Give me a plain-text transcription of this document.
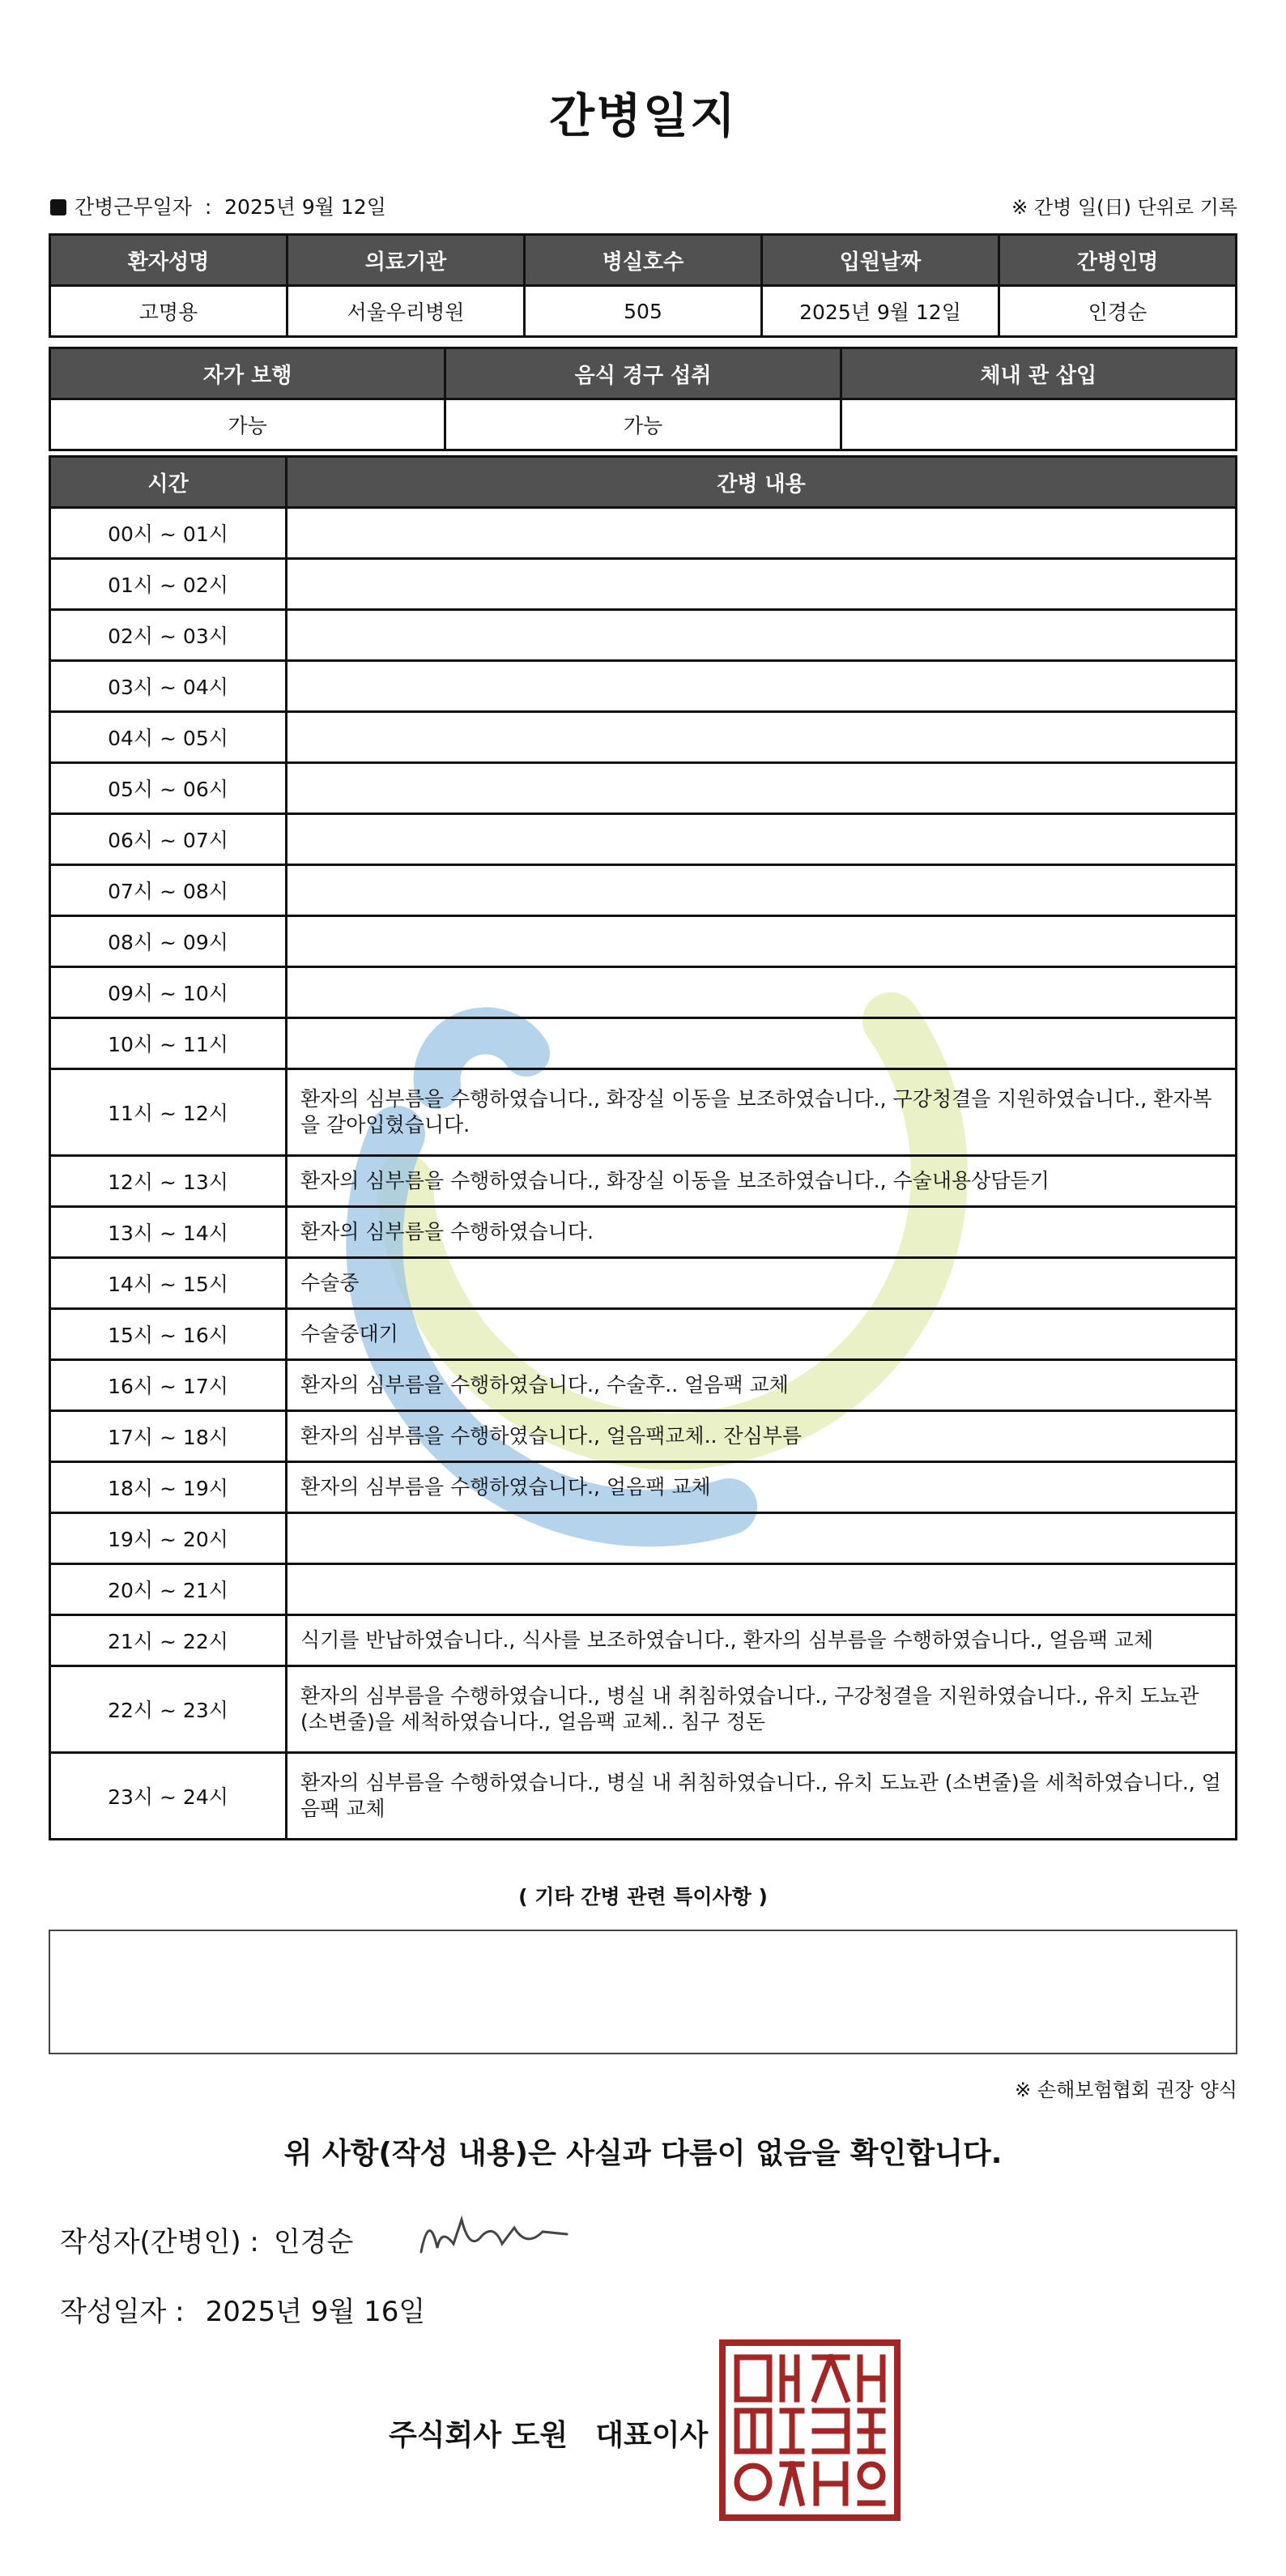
간병일지
간병근무일자 : 2025년 9월 12일	※ 간병 일(日) 단위로 기록
환자성명	의료기관	병실호수	입원날짜	간병인명
고명용	서울우리병원	505	2025년 9월 12일	인경순
자가 보행	음식 경구 섭취	체내 관 삽입
가능	가능	
시간	간병 내용
00시 ~ 01시	
01시 ~ 02시	
02시 ~ 03시	
03시 ~ 04시	
04시 ~ 05시	
05시 ~ 06시	
06시 ~ 07시	
07시 ~ 08시	
08시 ~ 09시	
09시 ~ 10시	
10시 ~ 11시	
11시 ~ 12시	환자의 심부름을 수행하였습니다., 화장실 이동을 보조하였습니다., 구강청결을 지원하였습니다., 환자복을 갈아입혔습니다.
12시 ~ 13시	환자의 심부름을 수행하였습니다., 화장실 이동을 보조하였습니다., 수술내용상담듣기
13시 ~ 14시	환자의 심부름을 수행하였습니다.
14시 ~ 15시	수술중
15시 ~ 16시	수술중대기
16시 ~ 17시	환자의 심부름을 수행하였습니다., 수술후.. 얼음팩 교체
17시 ~ 18시	환자의 심부름을 수행하였습니다., 얼음팩교체.. 잔심부름
18시 ~ 19시	환자의 심부름을 수행하였습니다., 얼음팩 교체
19시 ~ 20시	
20시 ~ 21시	
21시 ~ 22시	식기를 반납하였습니다., 식사를 보조하였습니다., 환자의 심부름을 수행하였습니다., 얼음팩 교체
22시 ~ 23시	환자의 심부름을 수행하였습니다., 병실 내 취침하였습니다., 구강청결을 지원하였습니다., 유치 도뇨관 (소변줄)을 세척하였습니다., 얼음팩 교체.. 침구 정돈
23시 ~ 24시	환자의 심부름을 수행하였습니다., 병실 내 취침하였습니다., 유치 도뇨관 (소변줄)을 세척하였습니다., 얼음팩 교체
( 기타 간병 관련 특이사항 )
※ 손해보험협회 권장 양식
위 사항(작성 내용)은 사실과 다름이 없음을 확인합니다.
작성자(간병인) : 인경순
작성일자 : 2025년 9월 16일
주식회사 도원 대표이사
